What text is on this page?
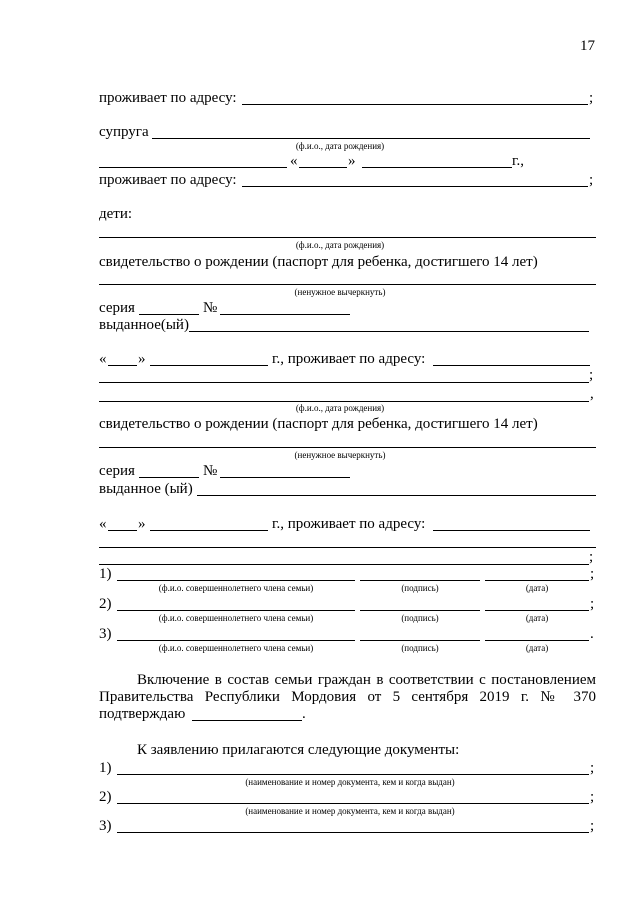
17
проживает по адресу:	;
супруга
(ф.и.о., дата рождения)
«	»	г.,
проживает по адресу:	;
дети:
(ф.и.о., дата рождения)
свидетельство о рождении (паспорт для ребенка, достигшего 14 лет)
(ненужное вычеркнуть)
серия	№
выданное(ый)
« »	г., проживает по адресу:
;
,
(ф.и.о., дата рождения)
свидетельство о рождении (паспорт для ребенка, достигшего 14 лет)
(ненужное вычеркнуть)
серия	№
выданное (ый)
« »	г., проживает по адресу:
;
1)	;
(ф.и.о. совершеннолетнего члена семьи)	(подпись)	(дата)
2)	;
(ф.и.о. совершеннолетнего члена семьи)	(подпись)	(дата)
3)	.
(ф.и.о. совершеннолетнего члена семьи)	(подпись)	(дата)
Включение в состав семьи граждан в соответствии с постановлением
Правительства Республики Мордовия от 5 сентября 2019 г. № 370
подтверждаю	.
К заявлению прилагаются следующие документы:
1)	;
(наименование и номер документа, кем и когда выдан)
2)	;
(наименование и номер документа, кем и когда выдан)
3)	;
